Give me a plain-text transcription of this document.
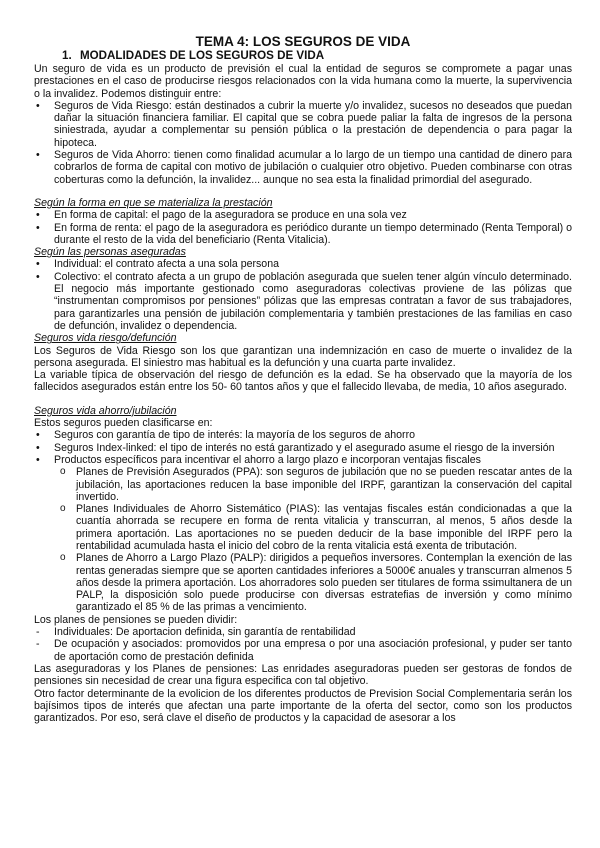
TEMA 4: LOS SEGUROS DE VIDA
1. MODALIDADES DE LOS SEGUROS DE VIDA

Un seguro de vida es un producto de previsión el cual la entidad de seguros se compromete a pagar unas prestaciones en el caso de producirse riesgos relacionados con la vida humana como la muerte, la supervivencia o la invalidez. Podemos distinguir entre:

• Seguros de Vida Riesgo: están destinados a cubrir la muerte y/o invalidez, sucesos no deseados que puedan dañar la situación financiera familiar. El capital que se cobra puede paliar la falta de ingresos de la persona siniestrada, ayudar a complementar su pensión pública o la prestación de dependencia o para pagar la hipoteca.
• Seguros de Vida Ahorro: tienen como finalidad acumular a lo largo de un tiempo una cantidad de dinero para cobrarlos de forma de capital con motivo de jubilación o cualquier otro objetivo. Pueden combinarse con otras coberturas como la defunción, la invalidez... aunque no sea esta la finalidad primordial del asegurado.

Según la forma en que se materializa la prestación

• En forma de capital: el pago de la aseguradora se produce en una sola vez
• En forma de renta: el pago de la aseguradora es periódico durante un tiempo determinado (Renta Temporal) o durante el resto de la vida del beneficiario (Renta Vitalicia).

Según las personas aseguradas

• Individual: el contrato afecta a una sola persona
• Colectivo: el contrato afecta a un grupo de población asegurada que suelen tener algún vínculo determinado. El negocio más importante gestionado como aseguradoras colectivas proviene de las pólizas que “instrumentan compromisos por pensiones” pólizas que las empresas contratan a favor de sus trabajadores, para garantizarles una pensión de jubilación complementaria y también prestaciones de las familias en caso de defunción, invalidez o dependencia.

Seguros vida riesgo/defunción

Los Seguros de Vida Riesgo son los que garantizan una indemnización en caso de muerte o invalidez de la persona asegurada. El siniestro mas habitual es la defunción y una cuarta parte invalidez.

La variable típica de observación del riesgo de defunción es la edad. Se ha observado que la mayoría de los fallecidos asegurados están entre los 50- 60 tantos años y que el fallecido llevaba, de media, 10 años asegurado.

Seguros vida ahorro/jubilación

Estos seguros pueden clasificarse en:

• Seguros con garantía de tipo de interés: la mayoría de los seguros de ahorro
• Seguros Index-linked: el tipo de interés no está garantizado y el asegurado asume el riesgo de la inversión
• Productos específicos para incentivar el ahorro a largo plazo e incorporan ventajas fiscales
o Planes de Previsión Asegurados (PPA): son seguros de jubilación que no se pueden rescatar antes de la jubilación, las aportaciones reducen la base imponible del IRPF, garantizan la conservación del capital invertido.
o Planes Individuales de Ahorro Sistemático (PIAS): las ventajas fiscales están condicionadas a que la cuantía ahorrada se recupere en forma de renta vitalicia y transcurran, al menos, 5 años desde la primera aportación. Las aportaciones no se pueden deducir de la base imponible del IRPF pero la rentabilidad acumulada hasta el inicio del cobro de la renta vitalicia está exenta de tributación.
o Planes de Ahorro a Largo Plazo (PALP): dirigidos a pequeños inversores. Contemplan la exención de las rentas generadas siempre que se aporten cantidades inferiores a 5000€ anuales y transcurran almenos 5 años desde la primera aportación. Los ahorradores solo pueden ser titulares de forma ssimultanera de un PALP, la disposición solo puede producirse con diversas estratefias de inversión y como mínimo garantizado el 85 % de las primas a vencimiento.

Los planes de pensiones se pueden dividir:

- Individuales: De aportacion definida, sin garantía de rentabilidad
- De ocupación y asociados: promovidos por una empresa o por una asociación profesional, y puder ser tanto de aportación como de prestación definida

Las aseguradoras y los Planes de pensiones: Las enridades aseguradoras pueden ser gestoras de fondos de pensiones sin necesidad de crear una figura especifica con tal objetivo.

Otro factor determinante de la evolicion de los diferentes productos de Prevision Social Complementaria serán los bajísimos tipos de interés que afectan una parte importante de la oferta del sector, como son los productos garantizados. Por eso, será clave el diseño de productos y la capacidad de asesorar a los
